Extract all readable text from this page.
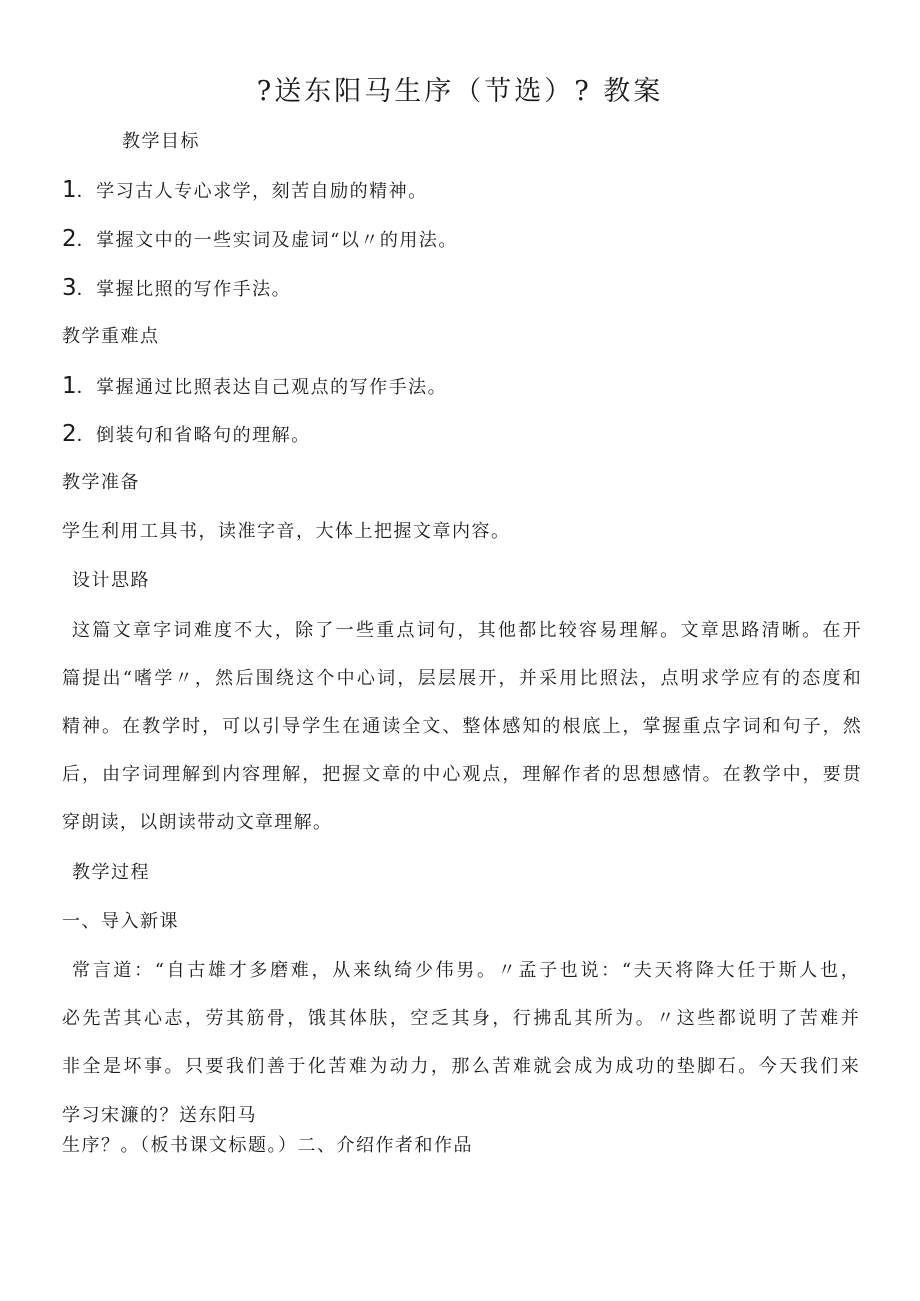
?送东阳马生序（节选）? 教案
教学目标
1．学习古人专心求学，刻苦自励的精神。
2．掌握文中的一些实词及虚词“以〃的用法。
3．掌握比照的写作手法。
教学重难点
1．掌握通过比照表达自己观点的写作手法。
2．倒装句和省略句的理解。
教学准备
学生利用工具书，读准字音，大体上把握文章内容。
设计思路
这篇文章字词难度不大，除了一些重点词句，其他都比较容易理解。文章思路清晰。在开
篇提出“嗜学〃，然后围绕这个中心词，层层展开，并采用比照法，点明求学应有的态度和
精神。在教学时，可以引导学生在通读全文、整体感知的根底上，掌握重点字词和句子，然
后，由字词理解到内容理解，把握文章的中心观点，理解作者的思想感情。在教学中，要贯
穿朗读，以朗读带动文章理解。
教学过程
一、导入新课
常言道：“自古雄才多磨难，从来纨绮少伟男。〃孟子也说：“夫天将降大任于斯人也，
必先苦其心志，劳其筋骨，饿其体肤，空乏其身，行拂乱其所为。〃这些都说明了苦难并
非全是坏事。只要我们善于化苦难为动力，那么苦难就会成为成功的垫脚石。今天我们来
学习宋濂的？送东阳马
生序？。（板书课文标题。）二、介绍作者和作品
